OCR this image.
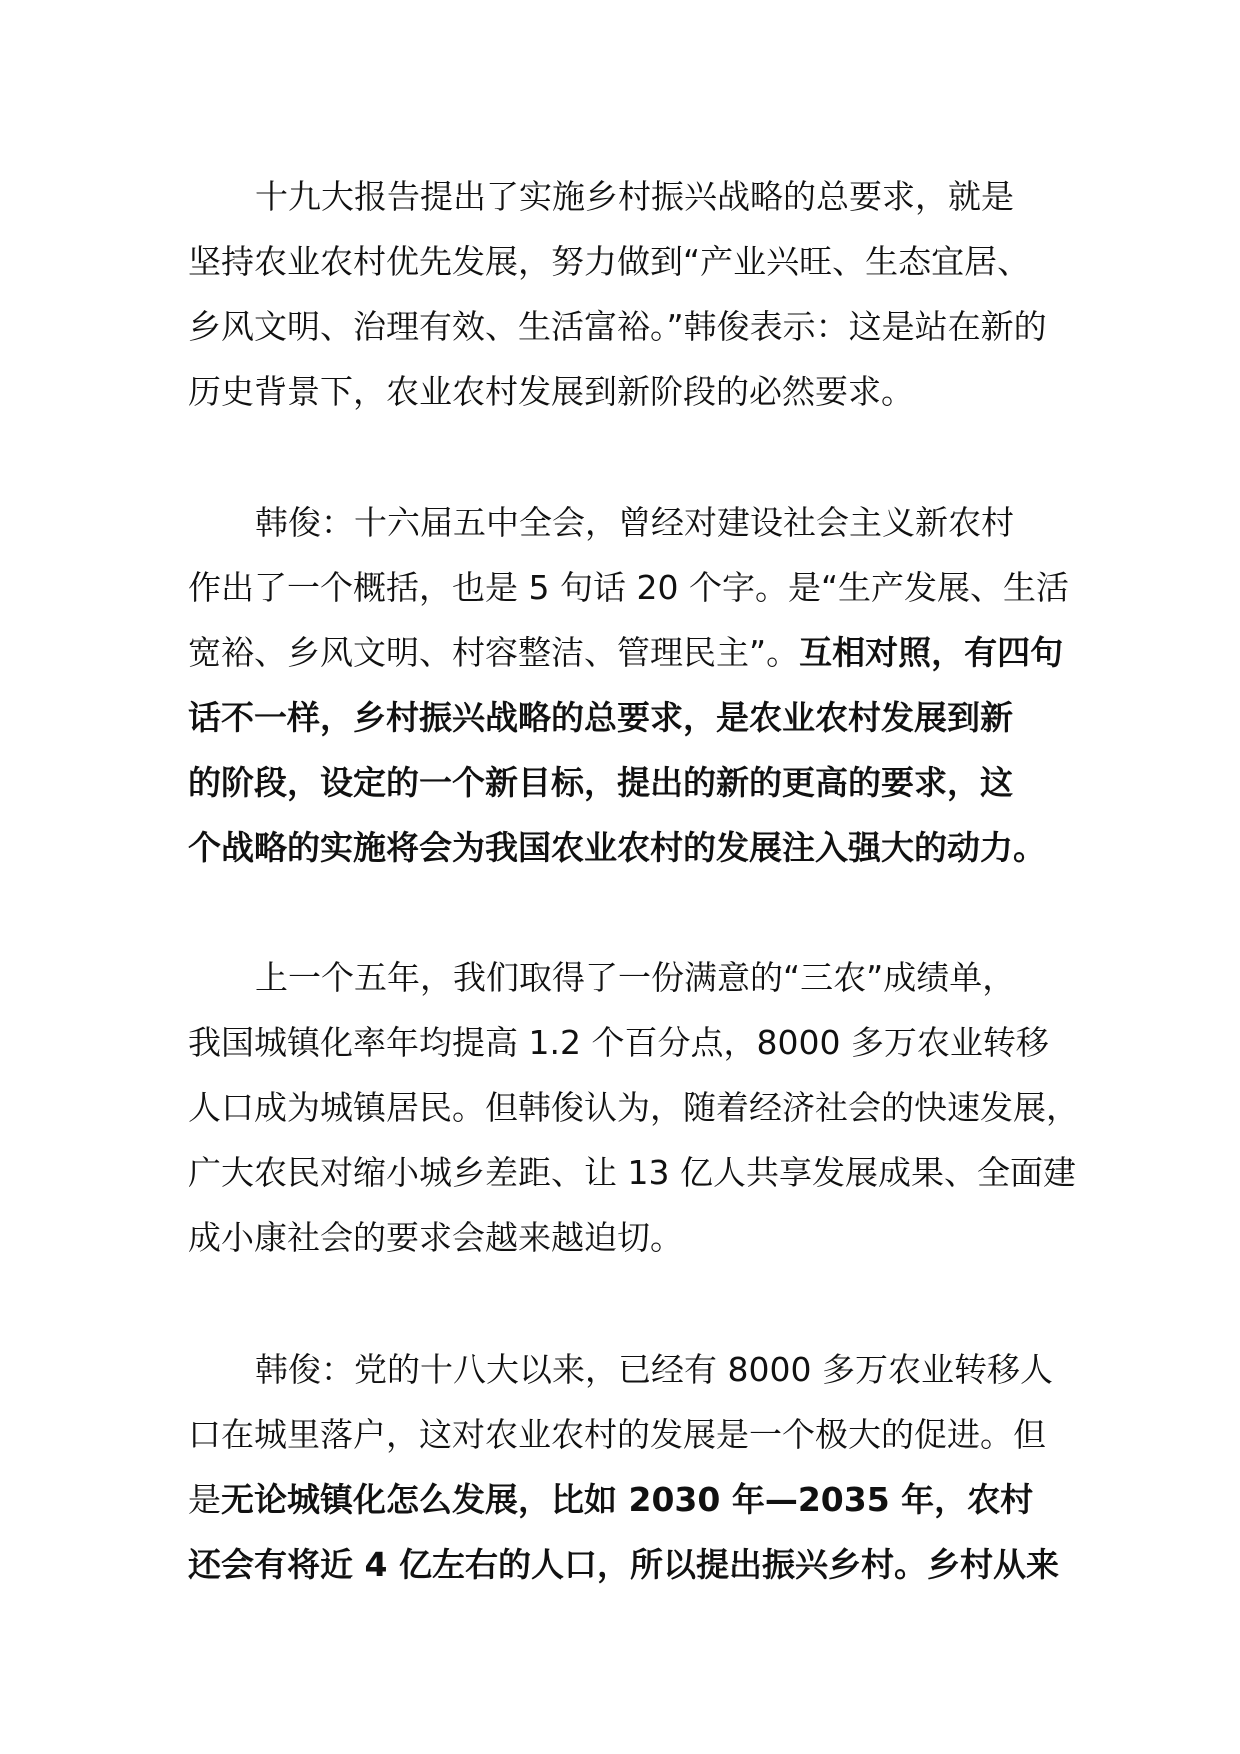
十九大报告提出了实施乡村振兴战略的总要求，就是
坚持农业农村优先发展，努力做到“产业兴旺、生态宜居、
乡风文明、治理有效、生活富裕。”韩俊表示：这是站在新的
历史背景下，农业农村发展到新阶段的必然要求。

韩俊：十六届五中全会，曾经对建设社会主义新农村
作出了一个概括，也是 5 句话 20 个字。是“生产发展、生活
宽裕、乡风文明、村容整洁、管理民主”。互相对照，有四句
话不一样，乡村振兴战略的总要求，是农业农村发展到新
的阶段，设定的一个新目标，提出的新的更高的要求，这
个战略的实施将会为我国农业农村的发展注入强大的动力。

上一个五年，我们取得了一份满意的“三农”成绩单，
我国城镇化率年均提高 1.2 个百分点，8000 多万农业转移
人口成为城镇居民。但韩俊认为，随着经济社会的快速发展，
广大农民对缩小城乡差距、让 13 亿人共享发展成果、全面建
成小康社会的要求会越来越迫切。

韩俊：党的十八大以来，已经有 8000 多万农业转移人
口在城里落户，这对农业农村的发展是一个极大的促进。但
是无论城镇化怎么发展，比如 2030 年—2035 年，农村
还会有将近 4 亿左右的人口，所以提出振兴乡村。乡村从来
